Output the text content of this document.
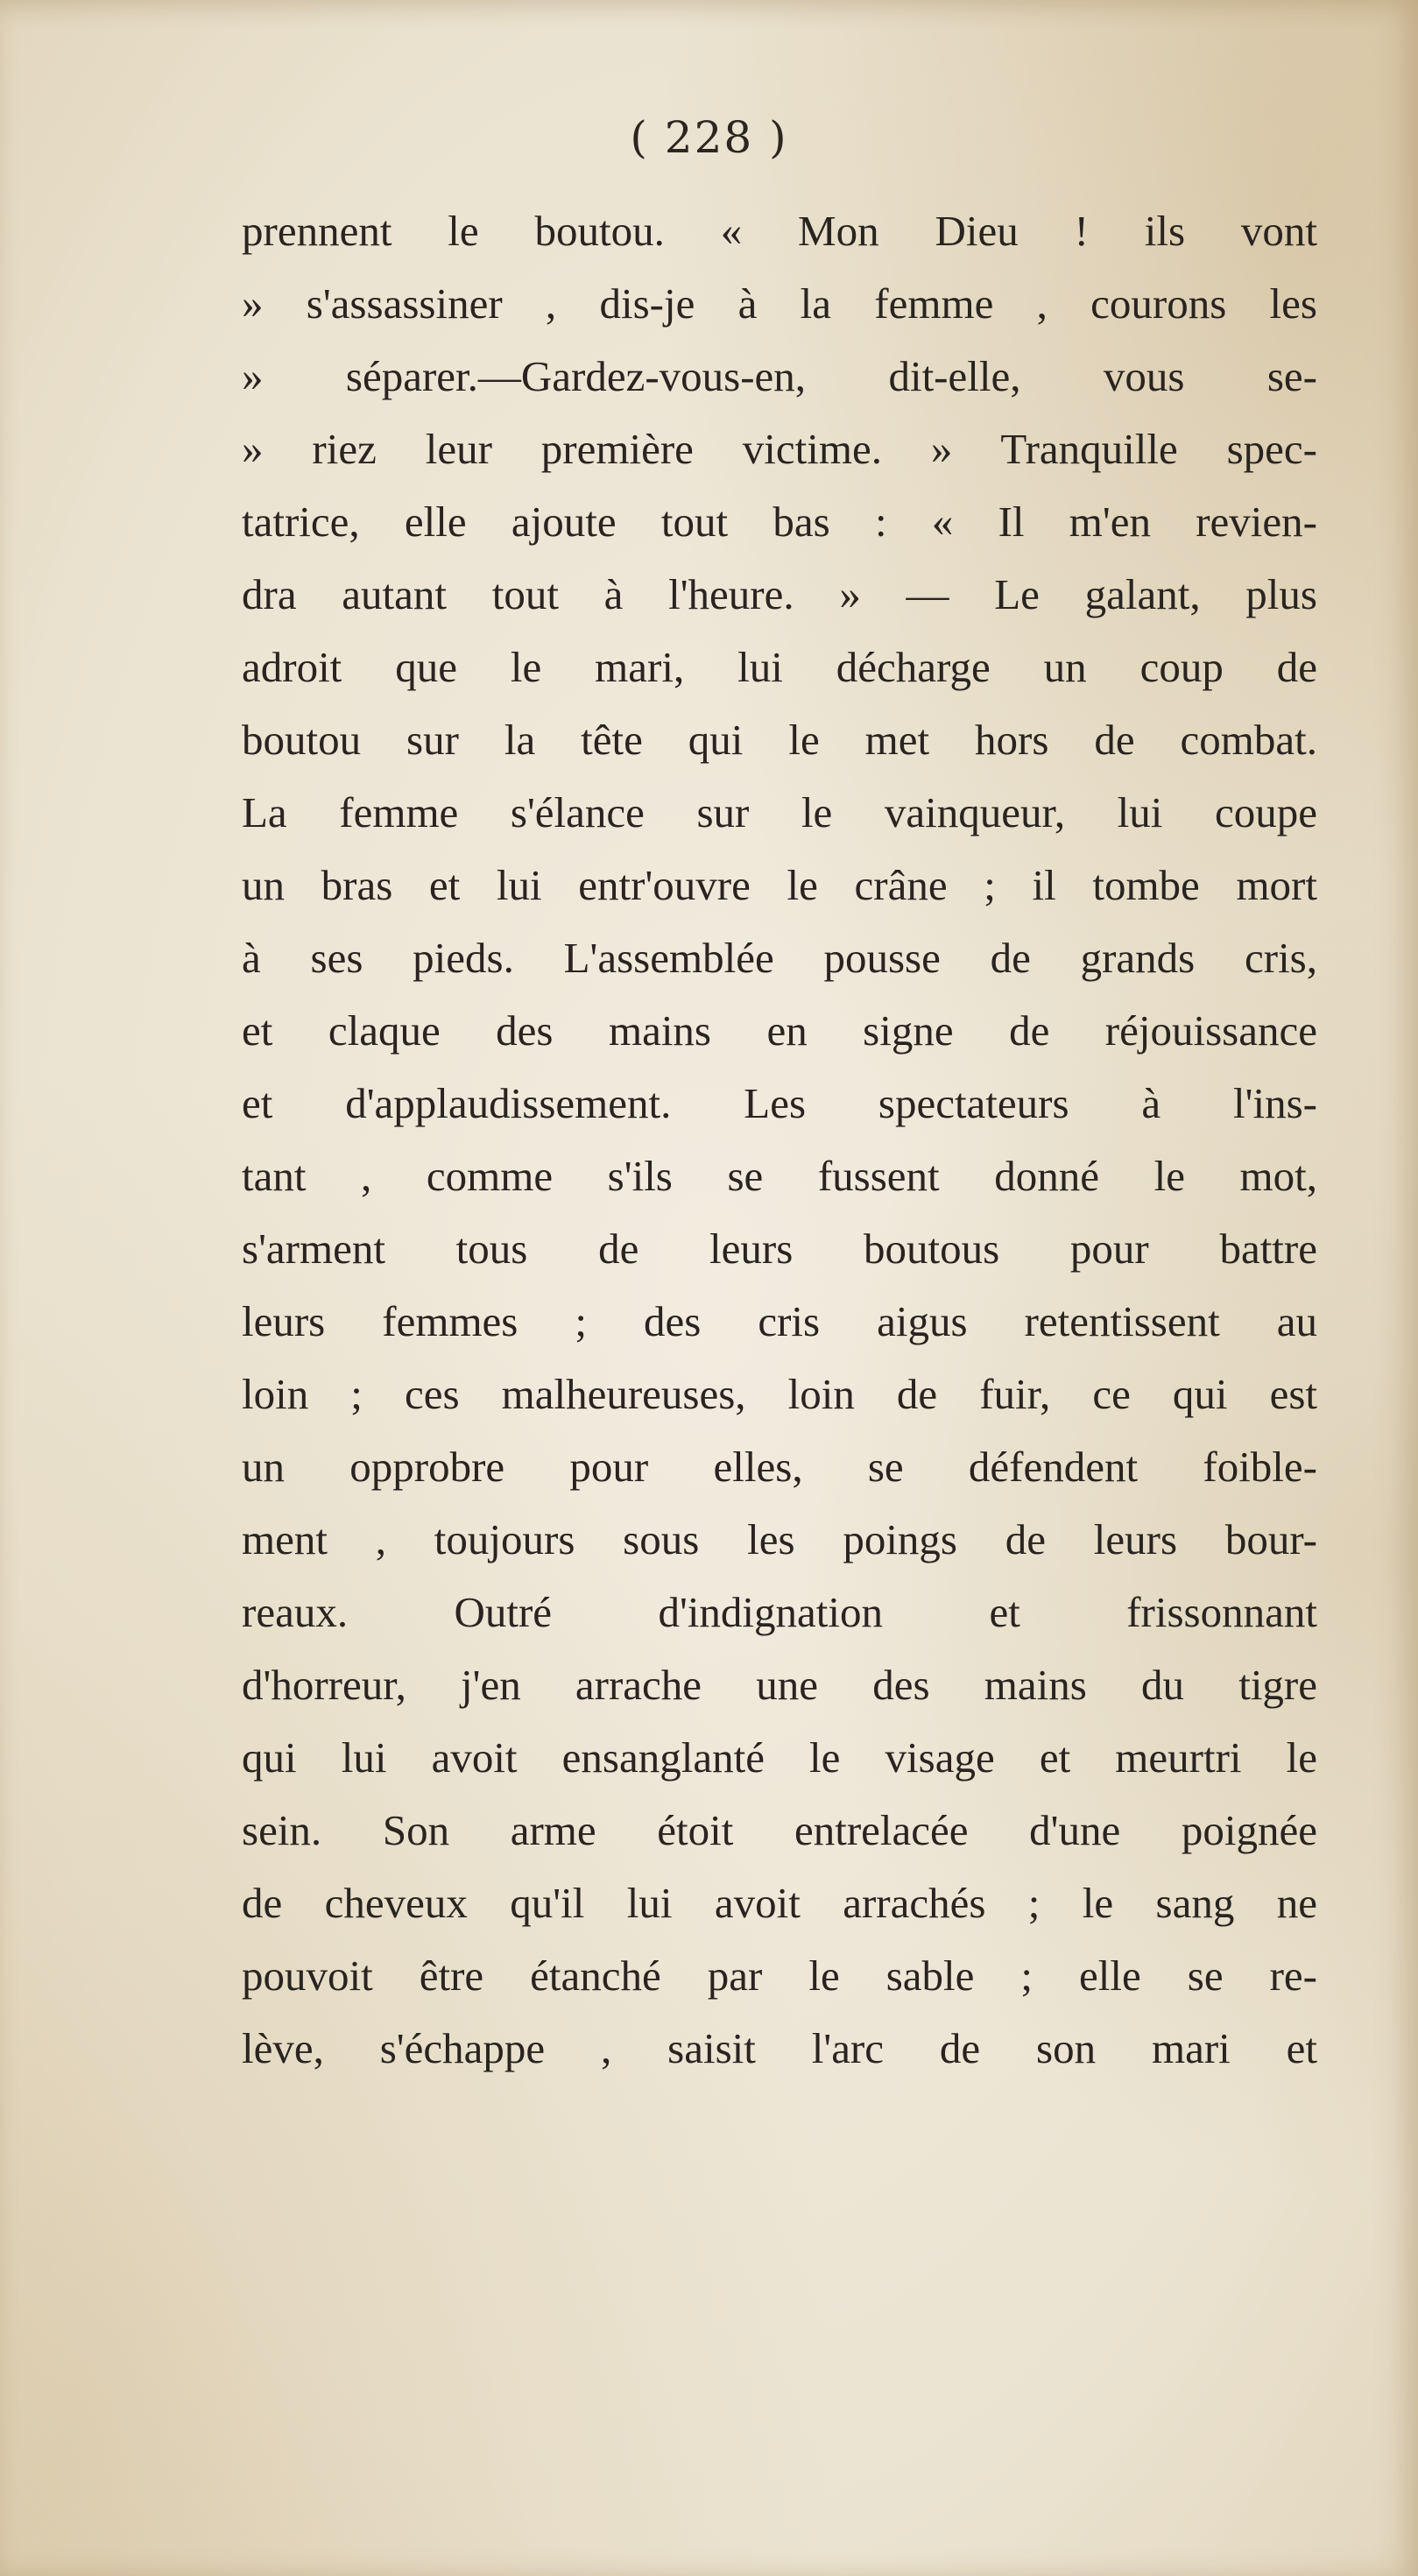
( 228 )
prennent le boutou. « Mon Dieu ! ils vont
» s'assassiner , dis-je à la femme , courons les
» séparer.—Gardez-vous-en, dit-elle, vous se-
» riez leur première victime. » Tranquille spec-
tatrice, elle ajoute tout bas : « Il m'en revien-
dra autant tout à l'heure. » — Le galant, plus
adroit que le mari, lui décharge un coup de
boutou sur la tête qui le met hors de combat.
La femme s'élance sur le vainqueur, lui coupe
un bras et lui entr'ouvre le crâne ; il tombe mort
à ses pieds. L'assemblée pousse de grands cris,
et claque des mains en signe de réjouissance
et d'applaudissement. Les spectateurs à l'ins-
tant , comme s'ils se fussent donné le mot,
s'arment tous de leurs boutous pour battre
leurs femmes ; des cris aigus retentissent au
loin ; ces malheureuses, loin de fuir, ce qui est
un opprobre pour elles, se défendent foible-
ment , toujours sous les poings de leurs bour-
reaux. Outré d'indignation et frissonnant
d'horreur, j'en arrache une des mains du tigre
qui lui avoit ensanglanté le visage et meurtri le
sein. Son arme étoit entrelacée d'une poignée
de cheveux qu'il lui avoit arrachés ; le sang ne
pouvoit être étanché par le sable ; elle se re-
lève, s'échappe , saisit l'arc de son mari et
